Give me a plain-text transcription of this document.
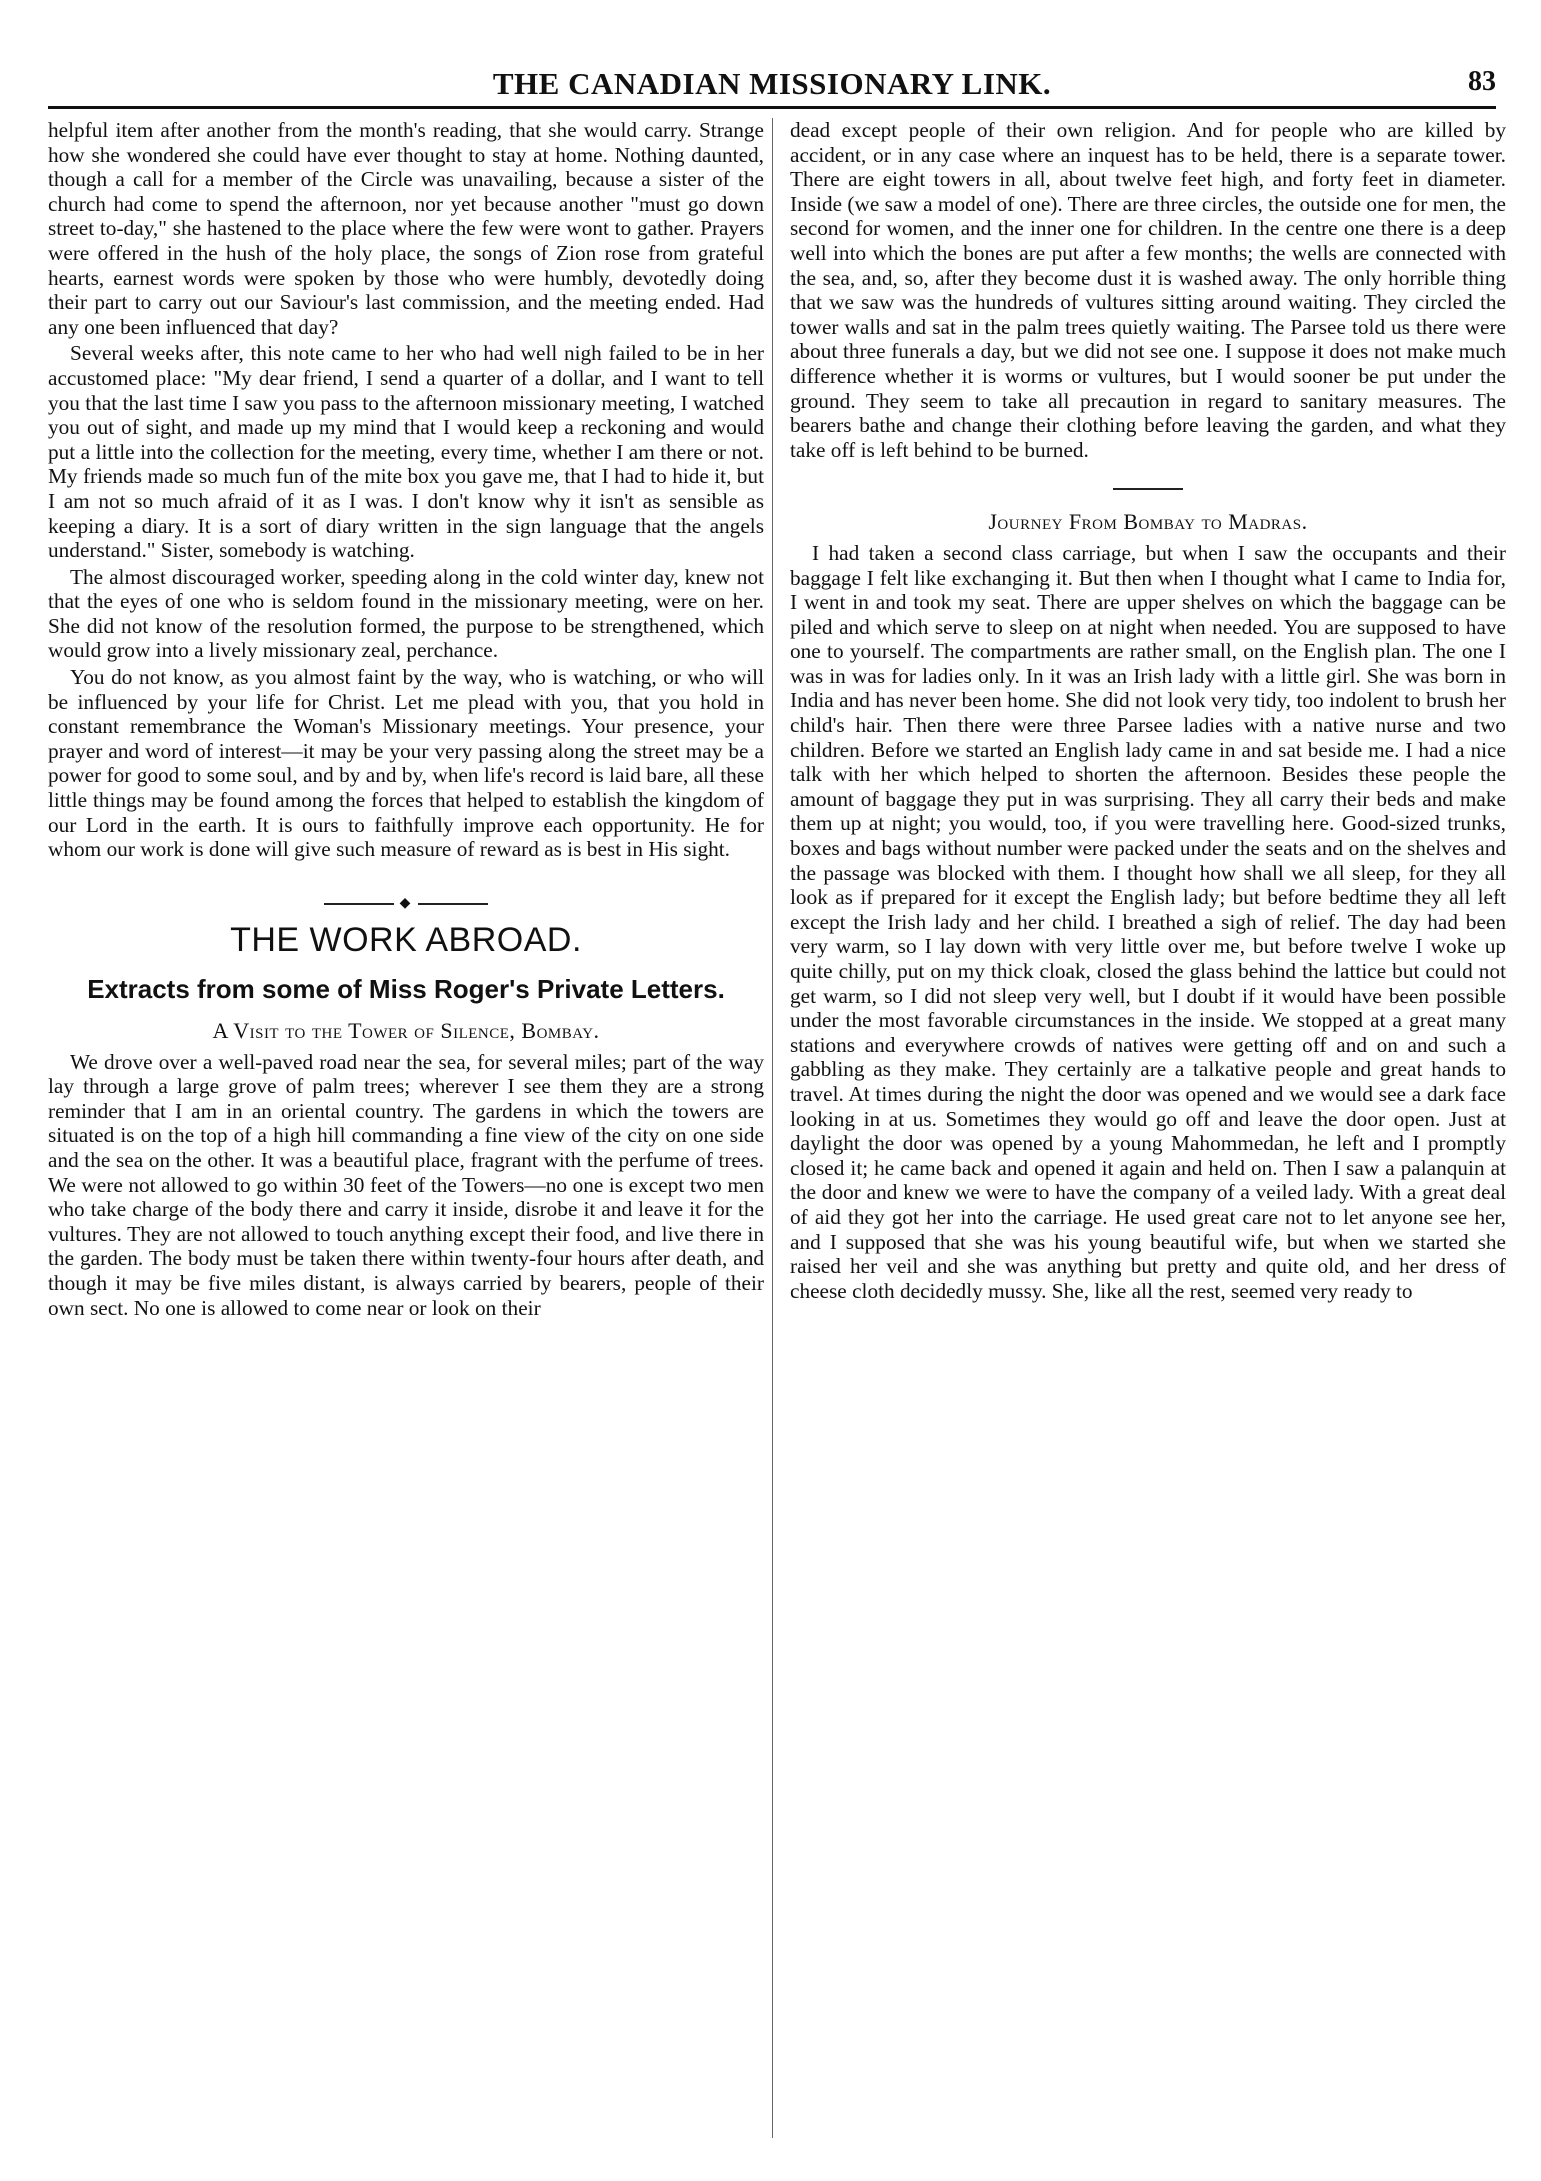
THE CANADIAN MISSIONARY LINK.	83

helpful item after another from the month's reading, that she would carry. Strange how she wondered she could have ever thought to stay at home. Nothing daunted, though a call for a member of the Circle was unavailing, because a sister of the church had come to spend the afternoon, nor yet because another "must go down street to-day," she hastened to the place where the few were wont to gather. Prayers were offered in the hush of the holy place, the songs of Zion rose from grateful hearts, earnest words were spoken by those who were humbly, devotedly doing their part to carry out our Saviour's last commission, and the meeting ended. Had any one been influenced that day?

Several weeks after, this note came to her who had well nigh failed to be in her accustomed place: "My dear friend, I send a quarter of a dollar, and I want to tell you that the last time I saw you pass to the afternoon missionary meeting, I watched you out of sight, and made up my mind that I would keep a reckoning and would put a little into the collection for the meeting, every time, whether I am there or not. My friends made so much fun of the mite box you gave me, that I had to hide it, but I am not so much afraid of it as I was. I don't know why it isn't as sensible as keeping a diary. It is a sort of diary written in the sign language that the angels understand." Sister, somebody is watching.

The almost discouraged worker, speeding along in the cold winter day, knew not that the eyes of one who is seldom found in the missionary meeting, were on her. She did not know of the resolution formed, the purpose to be strengthened, which would grow into a lively missionary zeal, perchance.

You do not know, as you almost faint by the way, who is watching, or who will be influenced by your life for Christ. Let me plead with you, that you hold in constant remembrance the Woman's Missionary meetings. Your presence, your prayer and word of interest—it may be your very passing along the street may be a power for good to some soul, and by and by, when life's record is laid bare, all these little things may be found among the forces that helped to establish the kingdom of our Lord in the earth. It is ours to faithfully improve each opportunity. He for whom our work is done will give such measure of reward as is best in His sight.

◆
THE WORK ABROAD.
Extracts from some of Miss Roger's Private Letters.
A Visit to the Tower of Silence, Bombay.

We drove over a well-paved road near the sea, for several miles; part of the way lay through a large grove of palm trees; wherever I see them they are a strong reminder that I am in an oriental country. The gardens in which the towers are situated is on the top of a high hill commanding a fine view of the city on one side and the sea on the other. It was a beautiful place, fragrant with the perfume of trees. We were not allowed to go within 30 feet of the Towers—no one is except two men who take charge of the body there and carry it inside, disrobe it and leave it for the vultures. They are not allowed to touch anything except their food, and live there in the garden. The body must be taken there within twenty-four hours after death, and though it may be five miles distant, is always carried by bearers, people of their own sect. No one is allowed to come near or look on their

dead except people of their own religion. And for people who are killed by accident, or in any case where an inquest has to be held, there is a separate tower. There are eight towers in all, about twelve feet high, and forty feet in diameter. Inside (we saw a model of one). There are three circles, the outside one for men, the second for women, and the inner one for children. In the centre one there is a deep well into which the bones are put after a few months; the wells are connected with the sea, and, so, after they become dust it is washed away. The only horrible thing that we saw was the hundreds of vultures sitting around waiting. They circled the tower walls and sat in the palm trees quietly waiting. The Parsee told us there were about three funerals a day, but we did not see one. I suppose it does not make much difference whether it is worms or vultures, but I would sooner be put under the ground. They seem to take all precaution in regard to sanitary measures. The bearers bathe and change their clothing before leaving the garden, and what they take off is left behind to be burned.

Journey From Bombay to Madras.

I had taken a second class carriage, but when I saw the occupants and their baggage I felt like exchanging it. But then when I thought what I came to India for, I went in and took my seat. There are upper shelves on which the baggage can be piled and which serve to sleep on at night when needed. You are supposed to have one to yourself. The compartments are rather small, on the English plan. The one I was in was for ladies only. In it was an Irish lady with a little girl. She was born in India and has never been home. She did not look very tidy, too indolent to brush her child's hair. Then there were three Parsee ladies with a native nurse and two children. Before we started an English lady came in and sat beside me. I had a nice talk with her which helped to shorten the afternoon. Besides these people the amount of baggage they put in was surprising. They all carry their beds and make them up at night; you would, too, if you were travelling here. Good-sized trunks, boxes and bags without number were packed under the seats and on the shelves and the passage was blocked with them. I thought how shall we all sleep, for they all look as if prepared for it except the English lady; but before bedtime they all left except the Irish lady and her child. I breathed a sigh of relief. The day had been very warm, so I lay down with very little over me, but before twelve I woke up quite chilly, put on my thick cloak, closed the glass behind the lattice but could not get warm, so I did not sleep very well, but I doubt if it would have been possible under the most favorable circumstances in the inside. We stopped at a great many stations and everywhere crowds of natives were getting off and on and such a gabbling as they make. They certainly are a talkative people and great hands to travel. At times during the night the door was opened and we would see a dark face looking in at us. Sometimes they would go off and leave the door open. Just at daylight the door was opened by a young Mahommedan, he left and I promptly closed it; he came back and opened it again and held on. Then I saw a palanquin at the door and knew we were to have the company of a veiled lady. With a great deal of aid they got her into the carriage. He used great care not to let anyone see her, and I supposed that she was his young beautiful wife, but when we started she raised her veil and she was anything but pretty and quite old, and her dress of cheese cloth decidedly mussy. She, like all the rest, seemed very ready to
